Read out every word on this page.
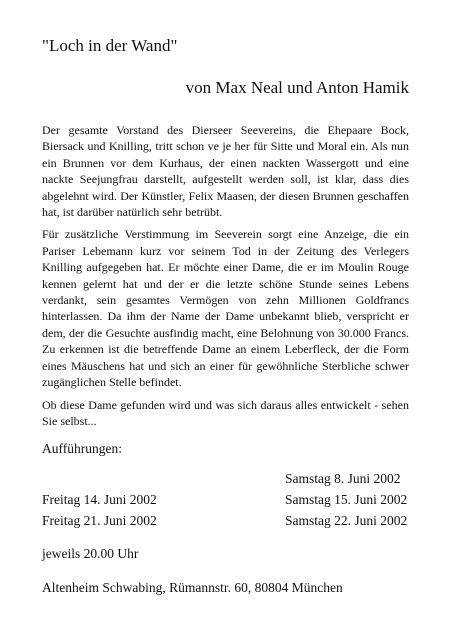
"Loch in der Wand"
von Max Neal und Anton Hamik

Der gesamte Vorstand des Dierseer Seevereins, die Ehepaare Bock, Biersack und Knilling, tritt schon ve je her für Sitte und Moral ein. Als nun ein Brunnen vor dem Kurhaus, der einen nackten Wassergott und eine nackte Seejungfrau darstellt, aufgestellt werden soll, ist klar, dass dies abgelehnt wird. Der Künstler, Felix Maasen, der diesen Brunnen geschaffen hat, ist darüber natürlich sehr betrübt.

Für zusätzliche Verstimmung im Seeverein sorgt eine Anzeige, die ein Pariser Lebemann kurz vor seinem Tod in der Zeitung des Verlegers Knilling aufgegeben hat. Er möchte einer Dame, die er im Moulin Rouge kennen gelernt hat und der er die letzte schöne Stunde seines Lebens verdankt, sein gesamtes Vermögen von zehn Millionen Goldfrancs hinterlassen. Da ihm der Name der Dame unbekannt blieb, verspricht er dem, der die Gesuchte ausfindig macht, eine Belohnung von 30.000 Francs. Zu erkennen ist die betreffende Dame an einem Leberfleck, der die Form eines Mäuschens hat und sich an einer für gewöhnliche Sterbliche schwer zugänglichen Stelle befindet.

Ob diese Dame gefunden wird und was sich daraus alles entwickelt - sehen Sie selbst...

Aufführungen:
Samstag 8. Juni 2002
Freitag 14. Juni 2002	Samstag 15. Juni 2002
Freitag 21. Juni 2002	Samstag 22. Juni 2002
jeweils 20.00 Uhr
Altenheim Schwabing, Rümannstr. 60, 80804 München
